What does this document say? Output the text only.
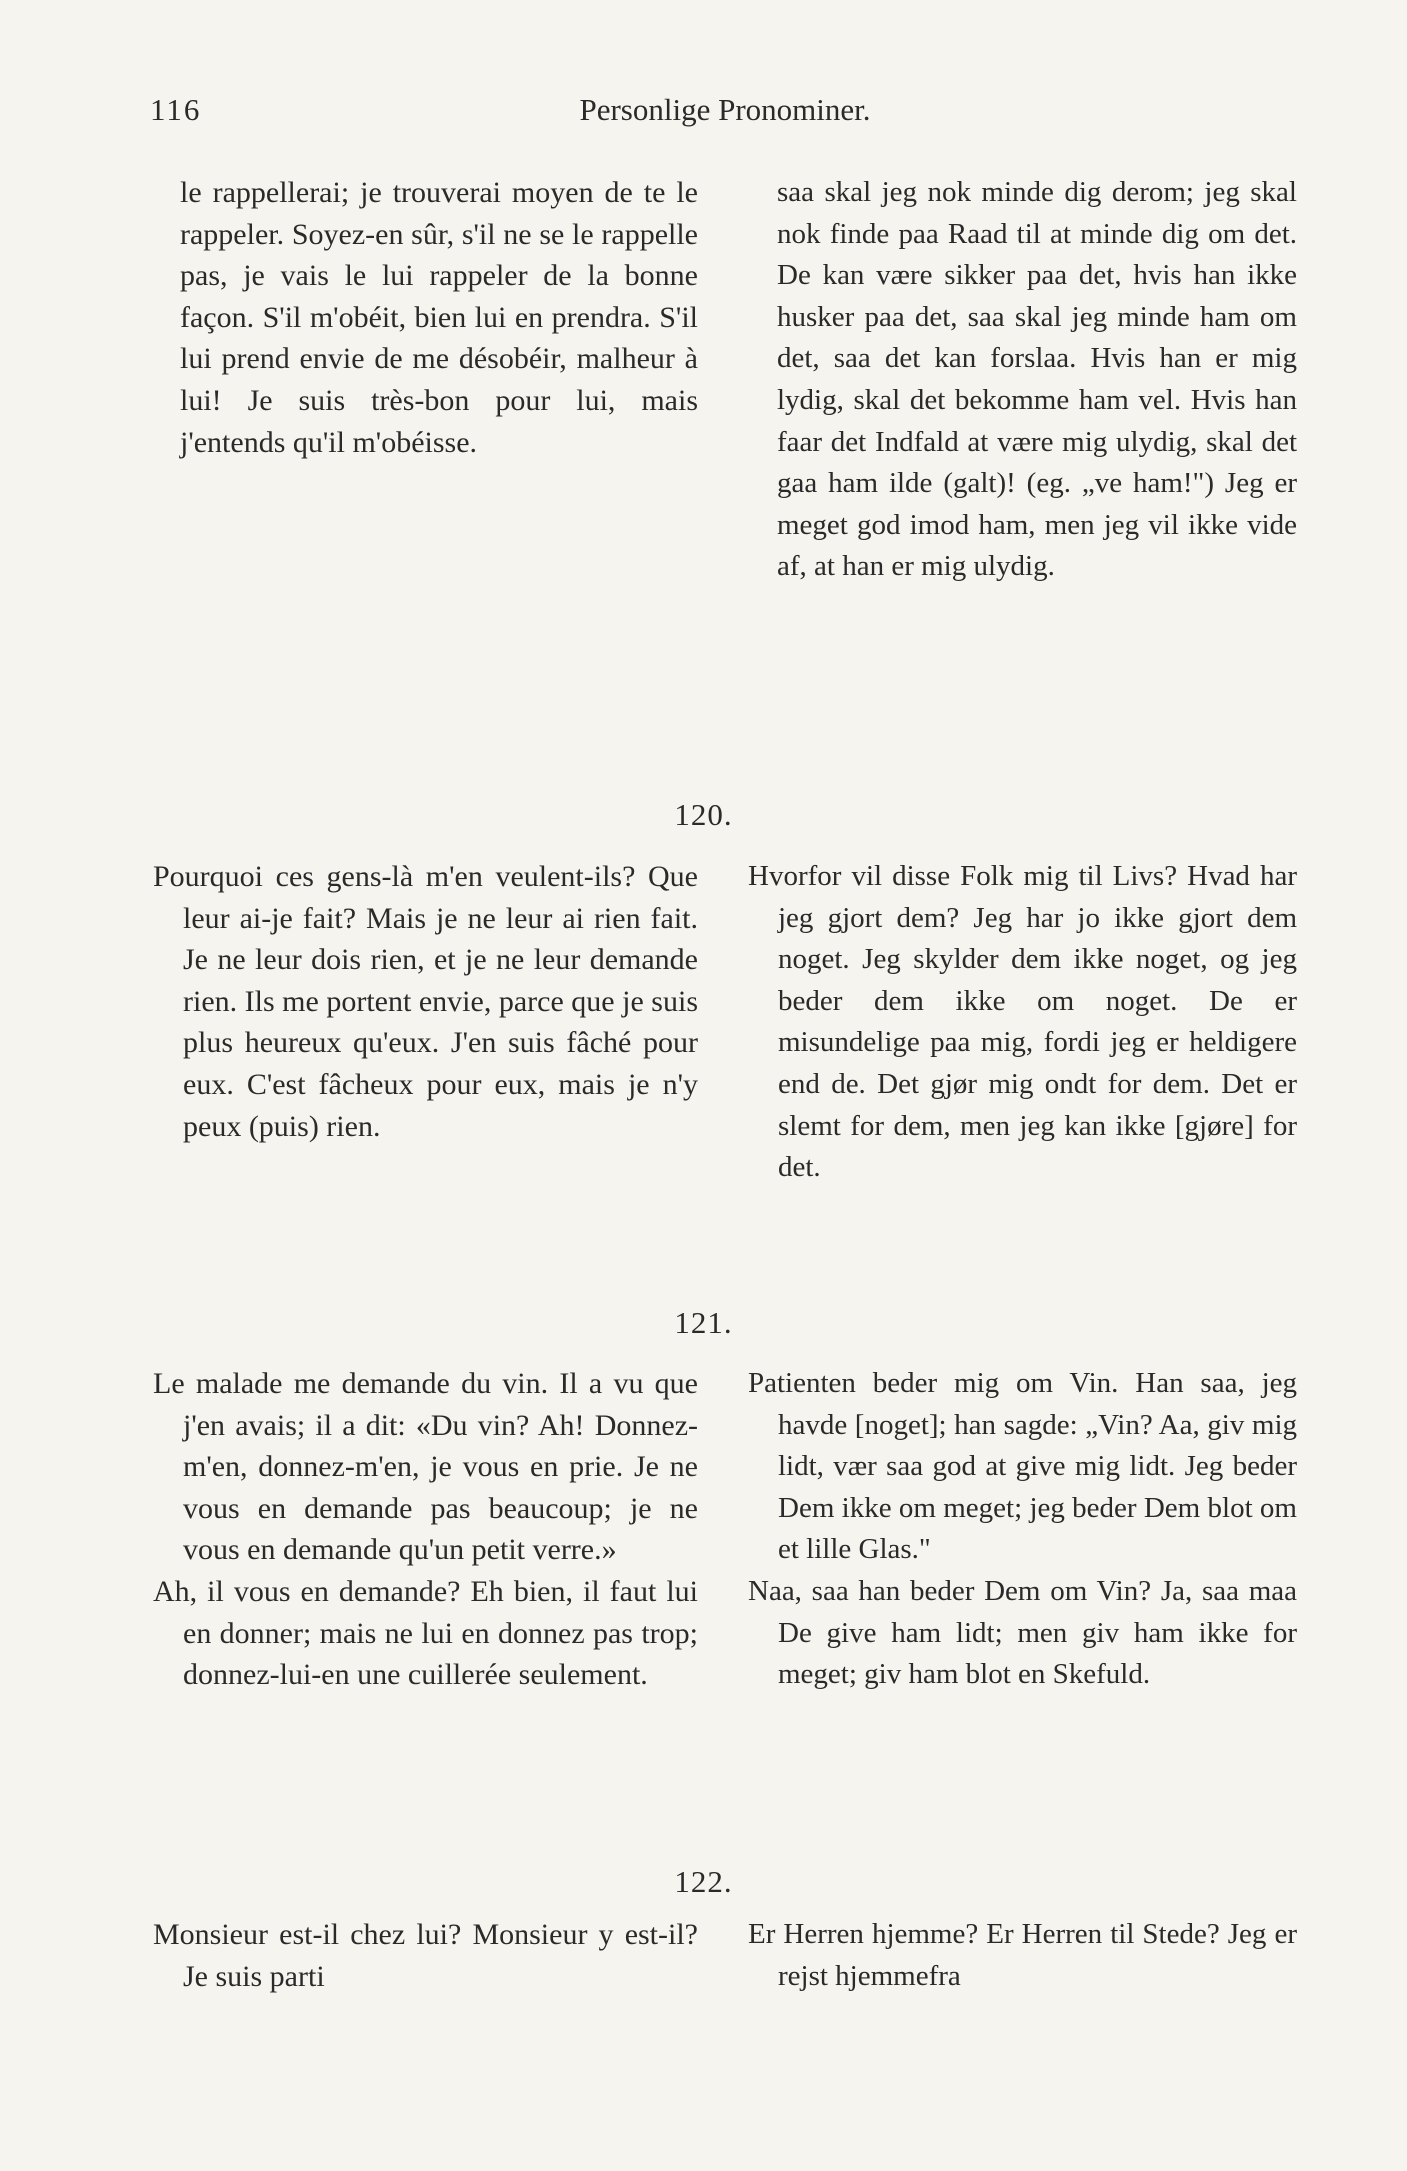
116	Personlige Pronominer.

le rappellerai; je trouverai moyen de te le rappeler. Soyez-en sûr, s'il ne se le rappelle pas, je vais le lui rappeler de la bonne façon. S'il m'obéit, bien lui en prendra. S'il lui prend envie de me désobéir, malheur à lui! Je suis très-bon pour lui, mais j'entends qu'il m'obéisse.

saa skal jeg nok minde dig derom; jeg skal nok finde paa Raad til at minde dig om det. De kan være sikker paa det, hvis han ikke husker paa det, saa skal jeg minde ham om det, saa det kan forslaa. Hvis han er mig lydig, skal det bekomme ham vel. Hvis han faar det Indfald at være mig ulydig, skal det gaa ham ilde (galt)! (eg. „ve ham!") Jeg er meget god imod ham, men jeg vil ikke vide af, at han er mig ulydig.

120.

Pourquoi ces gens-là m'en veulent-ils? Que leur ai-je fait? Mais je ne leur ai rien fait. Je ne leur dois rien, et je ne leur demande rien. Ils me portent envie, parce que je suis plus heureux qu'eux. J'en suis fâché pour eux. C'est fâcheux pour eux, mais je n'y peux (puis) rien.

Hvorfor vil disse Folk mig til Livs? Hvad har jeg gjort dem? Jeg har jo ikke gjort dem noget. Jeg skylder dem ikke noget, og jeg beder dem ikke om noget. De er misundelige paa mig, fordi jeg er heldigere end de. Det gjør mig ondt for dem. Det er slemt for dem, men jeg kan ikke [gjøre] for det.

121.

Le malade me demande du vin. Il a vu que j'en avais; il a dit: «Du vin? Ah! Donnez-m'en, donnez-m'en, je vous en prie. Je ne vous en demande pas beaucoup; je ne vous en demande qu'un petit verre.»

Ah, il vous en demande? Eh bien, il faut lui en donner; mais ne lui en donnez pas trop; donnez-lui-en une cuillerée seulement.

Patienten beder mig om Vin. Han saa, jeg havde [noget]; han sagde: „Vin? Aa, giv mig lidt, vær saa god at give mig lidt. Jeg beder Dem ikke om meget; jeg beder Dem blot om et lille Glas."

Naa, saa han beder Dem om Vin? Ja, saa maa De give ham lidt; men giv ham ikke for meget; giv ham blot en Skefuld.

122.

Monsieur est-il chez lui? Monsieur y est-il? Je suis parti

Er Herren hjemme? Er Herren til Stede? Jeg er rejst hjemmefra
